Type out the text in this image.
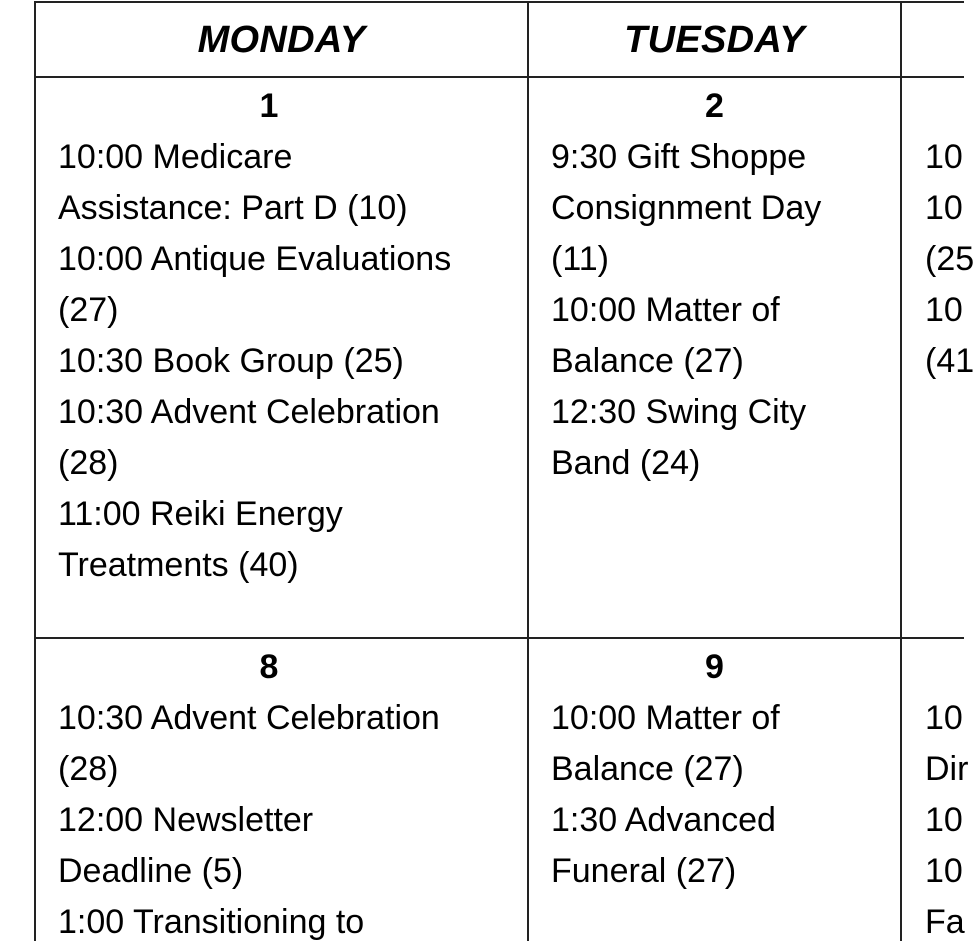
MONDAY	TUESDAY
1
10:00 Medicare
Assistance: Part D (10)
10:00 Antique Evaluations
(27)
10:30 Book Group (25)
10:30 Advent Celebration
(28)
11:00 Reiki Energy
Treatments (40)
2
9:30 Gift Shoppe
Consignment Day
(11)
10:00 Matter of
Balance (27)
12:30 Swing City
Band (24)
10
10
(25
10
(41
8
10:30 Advent Celebration
(28)
12:00 Newsletter
Deadline (5)
1:00 Transitioning to
9
10:00 Matter of
Balance (27)
1:30 Advanced
Funeral (27)
10
Dir
10
10
Fa
